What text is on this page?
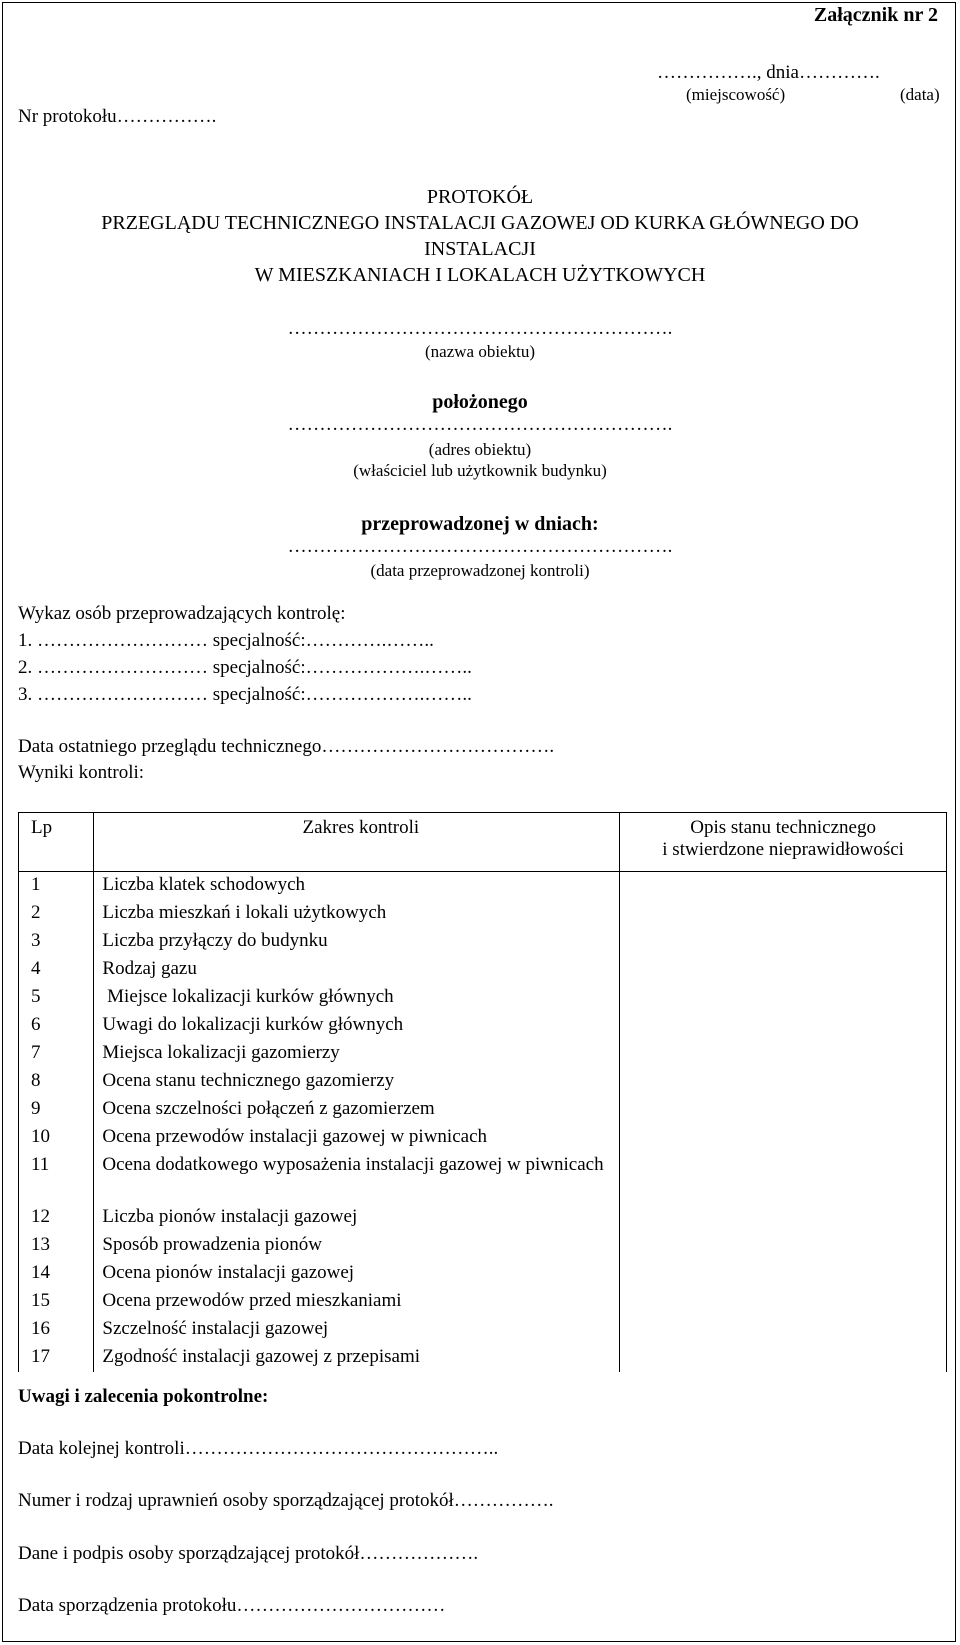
Załącznik nr 2
……………., dnia………….
(miejscowość)	(data)
Nr protokołu…………….
PROTOKÓŁ
PRZEGLĄDU TECHNICZNEGO INSTALACJI GAZOWEJ OD KURKA GŁÓWNEGO DO
INSTALACJI
W MIESZKANIACH I LOKALACH UŻYTKOWYCH
…………………………………………………….
(nazwa obiektu)
położonego
…………………………………………………….
(adres obiektu)
(właściciel lub użytkownik budynku)
przeprowadzonej w dniach:
…………………………………………………….
(data przeprowadzonej kontroli)
Wykaz osób przeprowadzających kontrolę:
1. ……………………… specjalność:………….……..
2. ……………………… specjalność:……………….……..
3. ……………………… specjalność:……………….……..
Data ostatniego przeglądu technicznego……………………………….
Wyniki kontroli:
Lp	Zakres kontroli	Opis stanu technicznego
i stwierdzone nieprawidłowości

1	Liczba klatek schodowych	
2	Liczba mieszkań i lokali użytkowych	
3	Liczba przyłączy do budynku	
4	Rodzaj gazu	
5	Miejsce lokalizacji kurków głównych	
6	Uwagi do lokalizacji kurków głównych	
7	Miejsca lokalizacji gazomierzy	
8	Ocena stanu technicznego gazomierzy	
9	Ocena szczelności połączeń z gazomierzem	
10	Ocena przewodów instalacji gazowej w piwnicach	
11	Ocena dodatkowego wyposażenia instalacji gazowej w piwnicach	
12	Liczba pionów instalacji gazowej	
13	Sposób prowadzenia pionów	
14	Ocena pionów instalacji gazowej	
15	Ocena przewodów przed mieszkaniami	
16	Szczelność instalacji gazowej	
17	Zgodność instalacji gazowej z przepisami	
Uwagi i zalecenia pokontrolne:
Data kolejnej kontroli…………………………………………..
Numer i rodzaj uprawnień osoby sporządzającej protokół…………….
Dane i podpis osoby sporządzającej protokół……………….
Data sporządzenia protokołu……………………………
